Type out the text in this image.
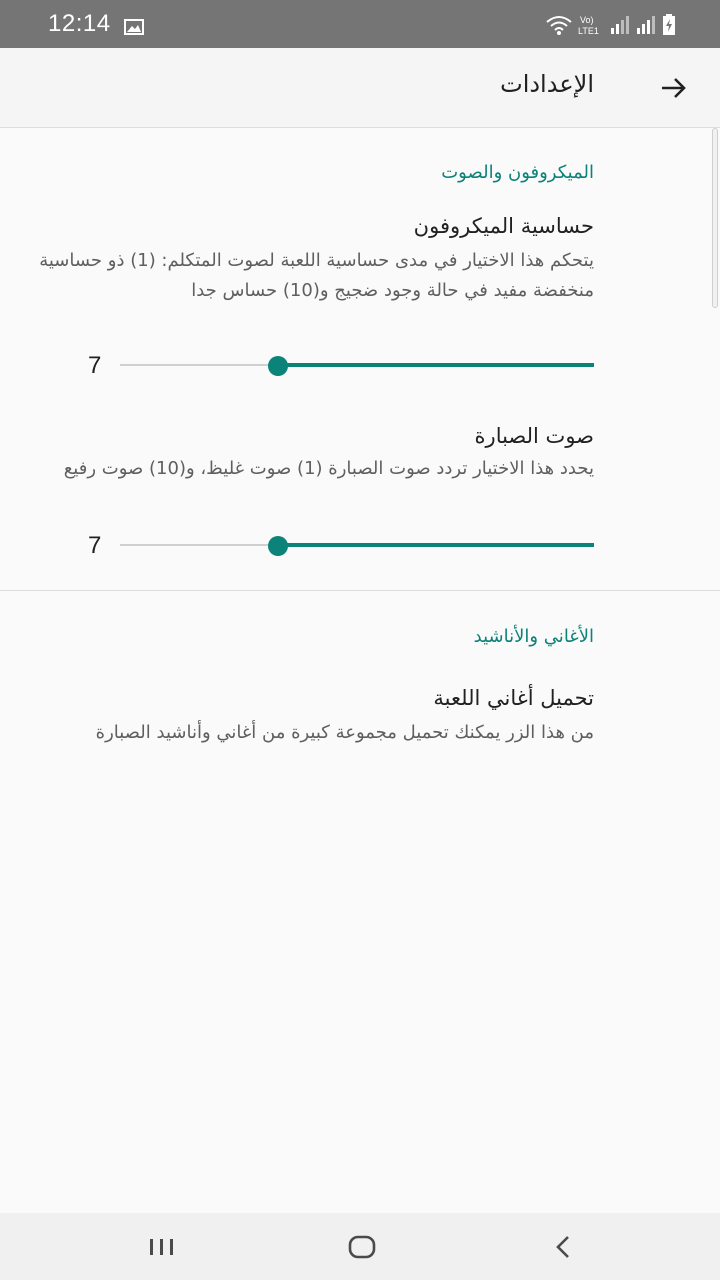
12:14	Vo)
LTE1
الإعدادات
الميكروفون والصوت
حساسية الميكروفون
يتحكم هذا الاختيار في مدى حساسية اللعبة لصوت المتكلم: (1) ذو حساسية منخفضة مفيد في حالة وجود ضجيج و(10) حساس جدا
7
صوت الصبارة
يحدد هذا الاختيار تردد صوت الصبارة (1) صوت غليظ، و(10) صوت رفيع
7
الأغاني والأناشيد
تحميل أغاني اللعبة
من هذا الزر يمكنك تحميل مجموعة كبيرة من أغاني وأناشيد الصبارة
